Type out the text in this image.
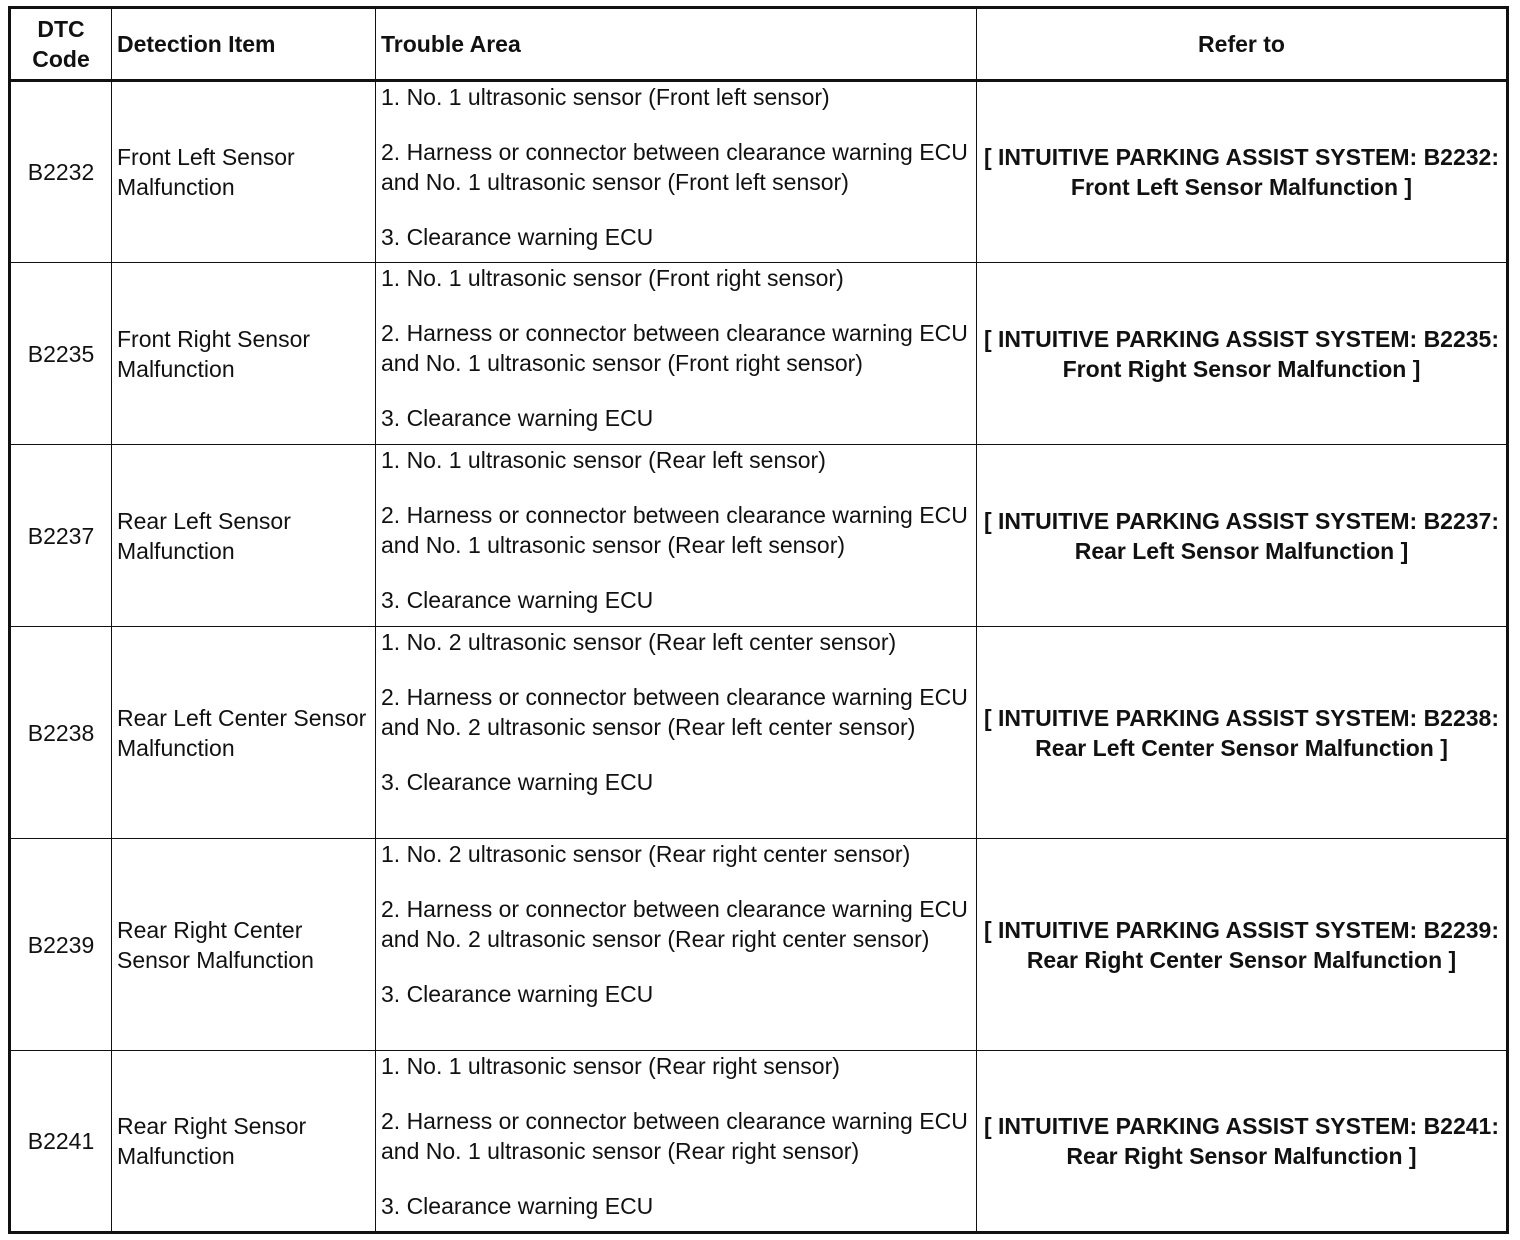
DTC Code	Detection Item	Trouble Area	Refer to
B2232	Front Left Sensor Malfunction	1. No. 1 ultrasonic sensor (Front left sensor)

2. Harness or connector between clearance warning ECU and No. 1 ultrasonic sensor (Front left sensor)

3. Clearance warning ECU	[ INTUITIVE PARKING ASSIST SYSTEM: B2232: Front Left Sensor Malfunction ]
B2235	Front Right Sensor Malfunction	1. No. 1 ultrasonic sensor (Front right sensor)

2. Harness or connector between clearance warning ECU and No. 1 ultrasonic sensor (Front right sensor)

3. Clearance warning ECU	[ INTUITIVE PARKING ASSIST SYSTEM: B2235: Front Right Sensor Malfunction ]
B2237	Rear Left Sensor Malfunction	1. No. 1 ultrasonic sensor (Rear left sensor)

2. Harness or connector between clearance warning ECU and No. 1 ultrasonic sensor (Rear left sensor)

3. Clearance warning ECU	[ INTUITIVE PARKING ASSIST SYSTEM: B2237: Rear Left Sensor Malfunction ]
B2238	Rear Left Center Sensor Malfunction	1. No. 2 ultrasonic sensor (Rear left center sensor)

2. Harness or connector between clearance warning ECU and No. 2 ultrasonic sensor (Rear left center sensor)

3. Clearance warning ECU	[ INTUITIVE PARKING ASSIST SYSTEM: B2238: Rear Left Center Sensor Malfunction ]
B2239	Rear Right Center Sensor Malfunction	1. No. 2 ultrasonic sensor (Rear right center sensor)

2. Harness or connector between clearance warning ECU and No. 2 ultrasonic sensor (Rear right center sensor)

3. Clearance warning ECU	[ INTUITIVE PARKING ASSIST SYSTEM: B2239: Rear Right Center Sensor Malfunction ]
B2241	Rear Right Sensor Malfunction	1. No. 1 ultrasonic sensor (Rear right sensor)

2. Harness or connector between clearance warning ECU and No. 1 ultrasonic sensor (Rear right sensor)

3. Clearance warning ECU	[ INTUITIVE PARKING ASSIST SYSTEM: B2241: Rear Right Sensor Malfunction ]
